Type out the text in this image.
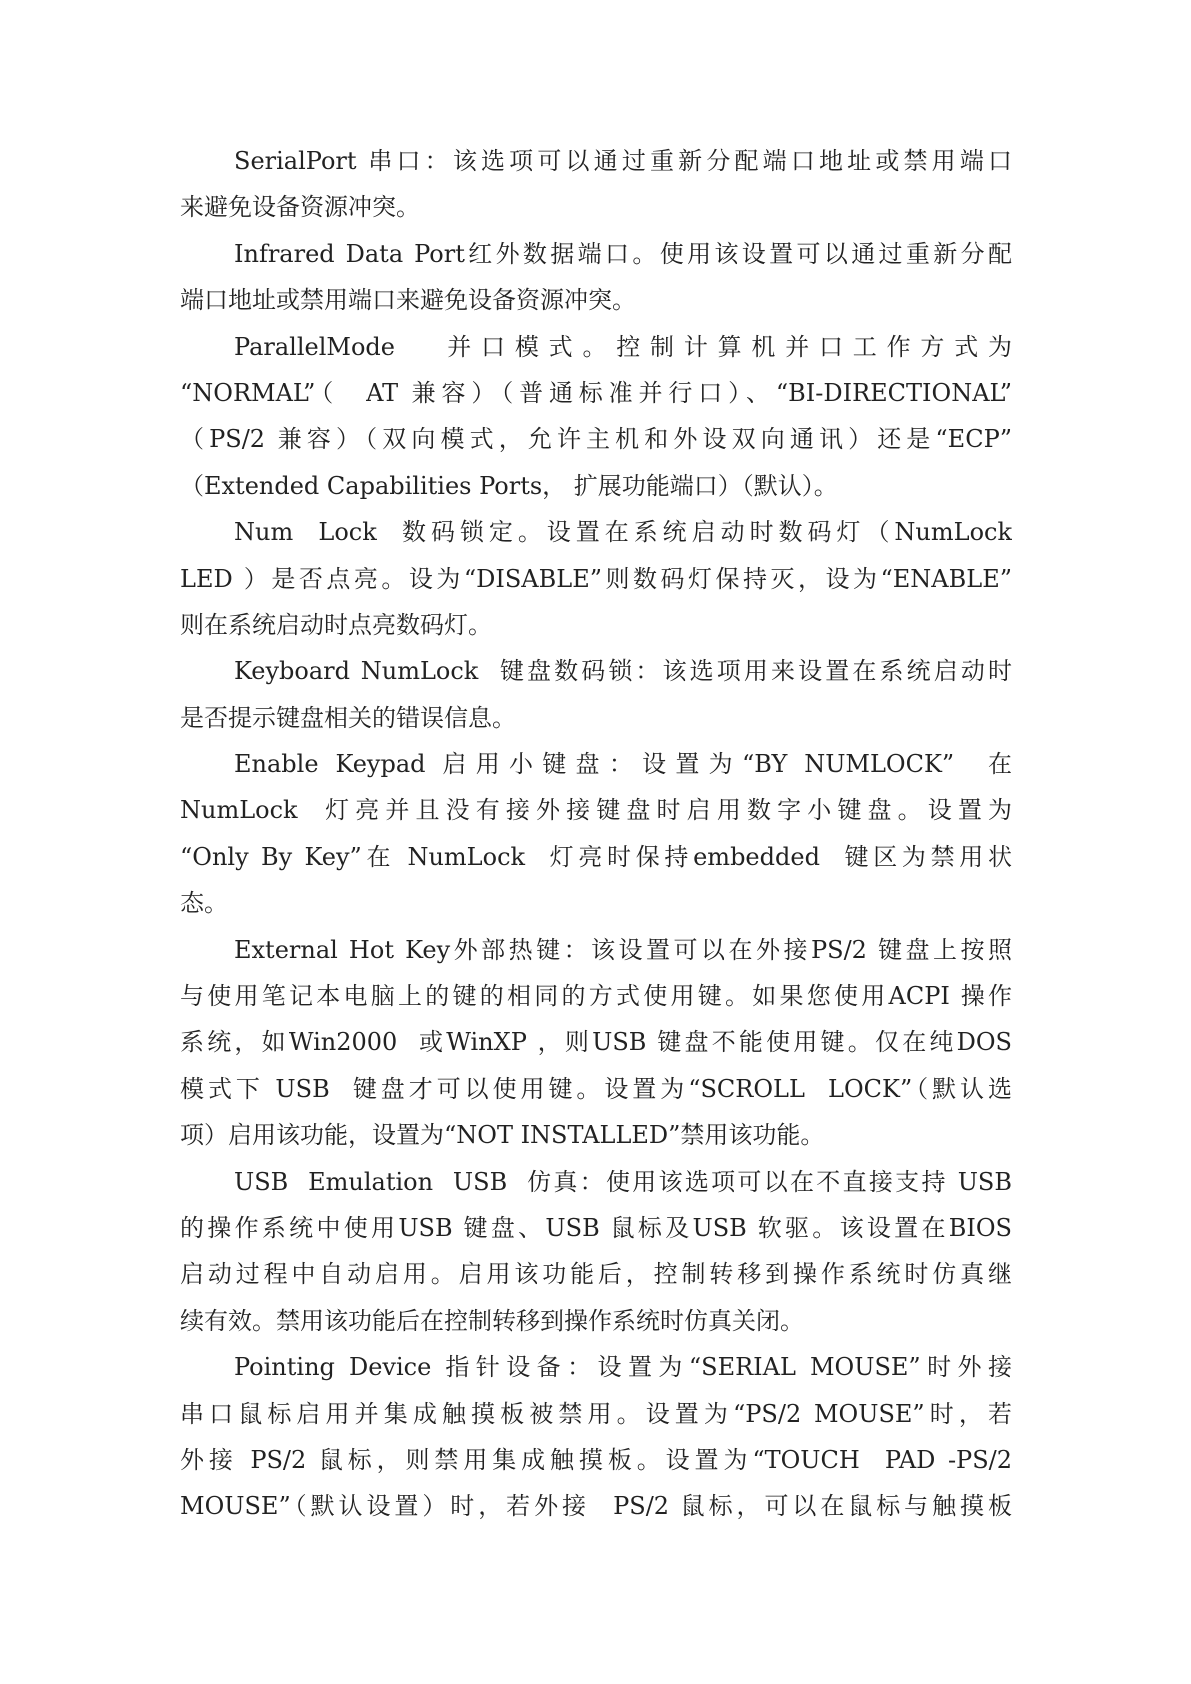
SerialPort 串口：该选项可以通过重新分配端口地址或禁用端口
来避免设备资源冲突。
Infrared Data Port红外数据端口。使用该设置可以通过重新分配
端口地址或禁用端口来避免设备资源冲突。
ParallelMode   并口模式。控制计算机并口工作方式为
“NORMAL”（  AT 兼容）（普通标准并行口）、“BI-DIRECTIONAL”
（PS/2 兼容）（双向模式，允许主机和外设双向通讯）还是“ECP”
（Extended Capabilities Ports， 扩展功能端口）（默认）。
Num  Lock  数码锁定。设置在系统启动时数码灯（NumLock
LED ）是否点亮。设为“DISABLE”则数码灯保持灭，设为“ENABLE”
则在系统启动时点亮数码灯。
Keyboard NumLock  键盘数码锁：该选项用来设置在系统启动时
是否提示键盘相关的错误信息。
Enable Keypad 启用小键盘：设置为“BY NUMLOCK”  在
NumLock  灯亮并且没有接外接键盘时启用数字小键盘。设置为
“Only By Key”在 NumLock  灯亮时保持embedded  键区为禁用状
态。
External Hot Key外部热键：该设置可以在外接PS/2 键盘上按照
与使用笔记本电脑上的键的相同的方式使用键。如果您使用ACPI 操作
系统，如Win2000  或WinXP ，则USB 键盘不能使用键。仅在纯DOS
模式下 USB  键盘才可以使用键。设置为“SCROLL  LOCK”（默认选
项）启用该功能，设置为“NOT INSTALLED”禁用该功能。
USB  Emulation  USB  仿真：使用该选项可以在不直接支持 USB
的操作系统中使用USB 键盘、USB 鼠标及USB 软驱。该设置在BIOS
启动过程中自动启用。启用该功能后，控制转移到操作系统时仿真继
续有效。禁用该功能后在控制转移到操作系统时仿真关闭。
Pointing Device 指针设备：设置为“SERIAL MOUSE”时外接
串口鼠标启用并集成触摸板被禁用。设置为“PS/2 MOUSE”时，若
外接 PS/2 鼠标，则禁用集成触摸板。设置为“TOUCH  PAD -PS/2
MOUSE”（默认设置）时，若外接  PS/2 鼠标，可以在鼠标与触摸板
